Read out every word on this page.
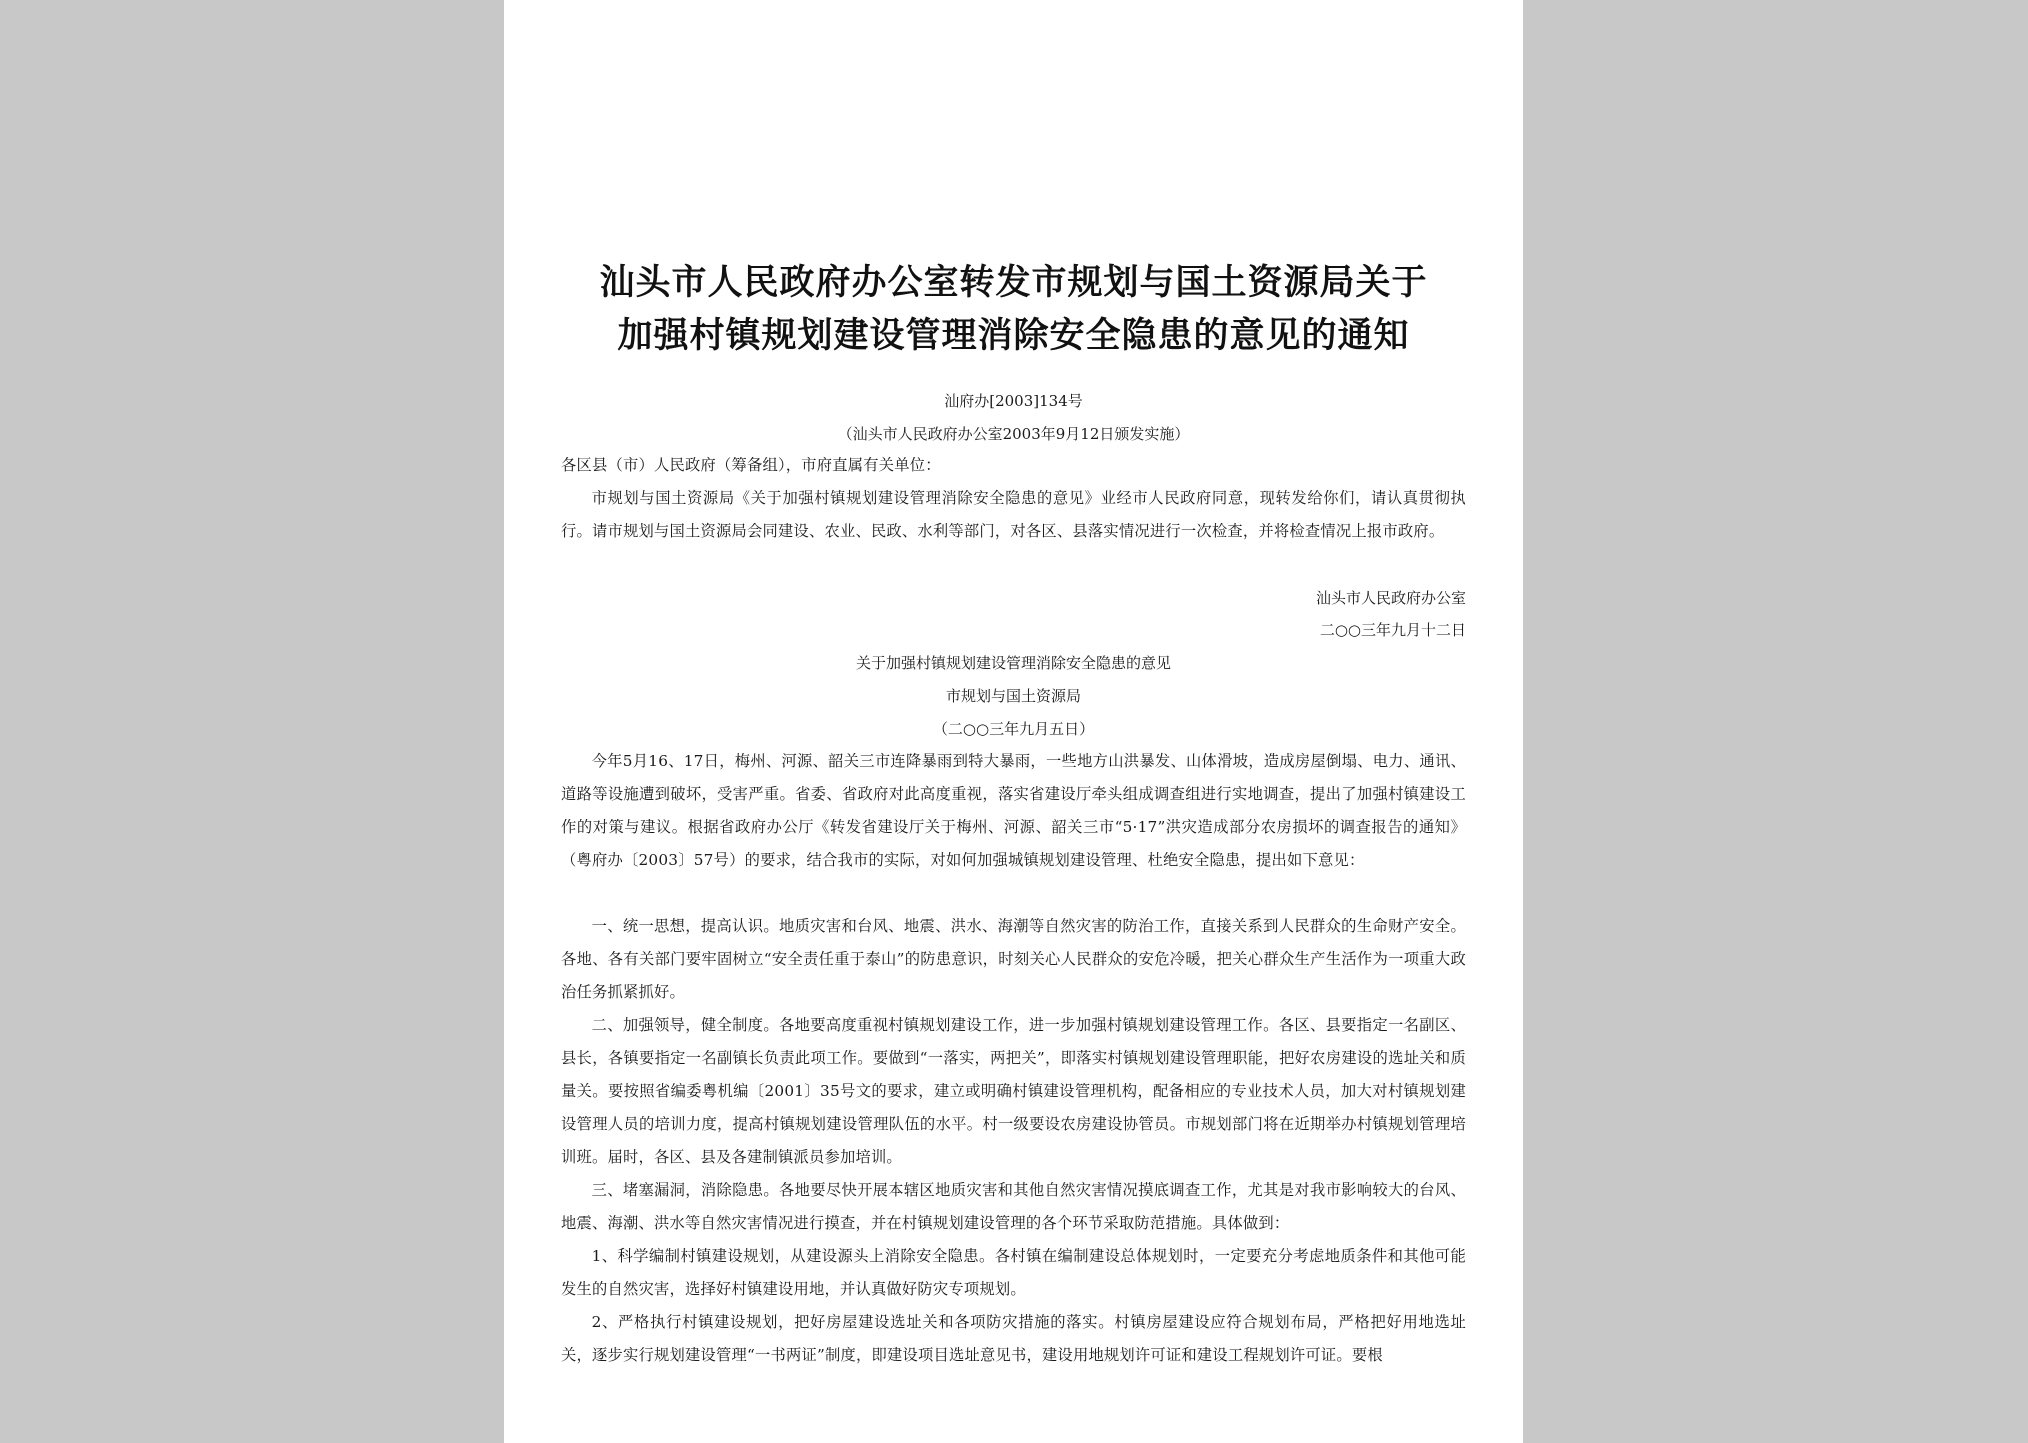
汕头市人民政府办公室转发市规划与国土资源局关于
加强村镇规划建设管理消除安全隐患的意见的通知
汕府办[2003]134号
（汕头市人民政府办公室2003年9月12日颁发实施）
各区县（市）人民政府（筹备组），市府直属有关单位：
市规划与国土资源局《关于加强村镇规划建设管理消除安全隐患的意见》业经市人民政府同意，现转发给你们，请认真贯彻执行。请市规划与国土资源局会同建设、农业、民政、水利等部门，对各区、县落实情况进行一次检查，并将检查情况上报市政府。
汕头市人民政府办公室
二○○三年九月十二日
关于加强村镇规划建设管理消除安全隐患的意见
市规划与国土资源局
（二○○三年九月五日）
今年5月16、17日，梅州、河源、韶关三市连降暴雨到特大暴雨，一些地方山洪暴发、山体滑坡，造成房屋倒塌、电力、通讯、道路等设施遭到破坏，受害严重。省委、省政府对此高度重视，落实省建设厅牵头组成调查组进行实地调查，提出了加强村镇建设工作的对策与建议。根据省政府办公厅《转发省建设厅关于梅州、河源、韶关三市“5·17”洪灾造成部分农房损坏的调查报告的通知》（粤府办〔2003〕57号）的要求，结合我市的实际，对如何加强城镇规划建设管理、杜绝安全隐患，提出如下意见：
一、统一思想，提高认识。地质灾害和台风、地震、洪水、海潮等自然灾害的防治工作，直接关系到人民群众的生命财产安全。各地、各有关部门要牢固树立“安全责任重于泰山”的防患意识，时刻关心人民群众的安危冷暖，把关心群众生产生活作为一项重大政治任务抓紧抓好。
二、加强领导，健全制度。各地要高度重视村镇规划建设工作，进一步加强村镇规划建设管理工作。各区、县要指定一名副区、县长，各镇要指定一名副镇长负责此项工作。要做到“一落实，两把关”，即落实村镇规划建设管理职能，把好农房建设的选址关和质量关。要按照省编委粤机编〔2001〕35号文的要求，建立或明确村镇建设管理机构，配备相应的专业技术人员，加大对村镇规划建设管理人员的培训力度，提高村镇规划建设管理队伍的水平。村一级要设农房建设协管员。市规划部门将在近期举办村镇规划管理培训班。届时，各区、县及各建制镇派员参加培训。
三、堵塞漏洞，消除隐患。各地要尽快开展本辖区地质灾害和其他自然灾害情况摸底调查工作，尤其是对我市影响较大的台风、地震、海潮、洪水等自然灾害情况进行摸查，并在村镇规划建设管理的各个环节采取防范措施。具体做到：
1、科学编制村镇建设规划，从建设源头上消除安全隐患。各村镇在编制建设总体规划时，一定要充分考虑地质条件和其他可能发生的自然灾害，选择好村镇建设用地，并认真做好防灾专项规划。
2、严格执行村镇建设规划，把好房屋建设选址关和各项防灾措施的落实。村镇房屋建设应符合规划布局，严格把好用地选址关，逐步实行规划建设管理“一书两证”制度，即建设项目选址意见书，建设用地规划许可证和建设工程规划许可证。要根
